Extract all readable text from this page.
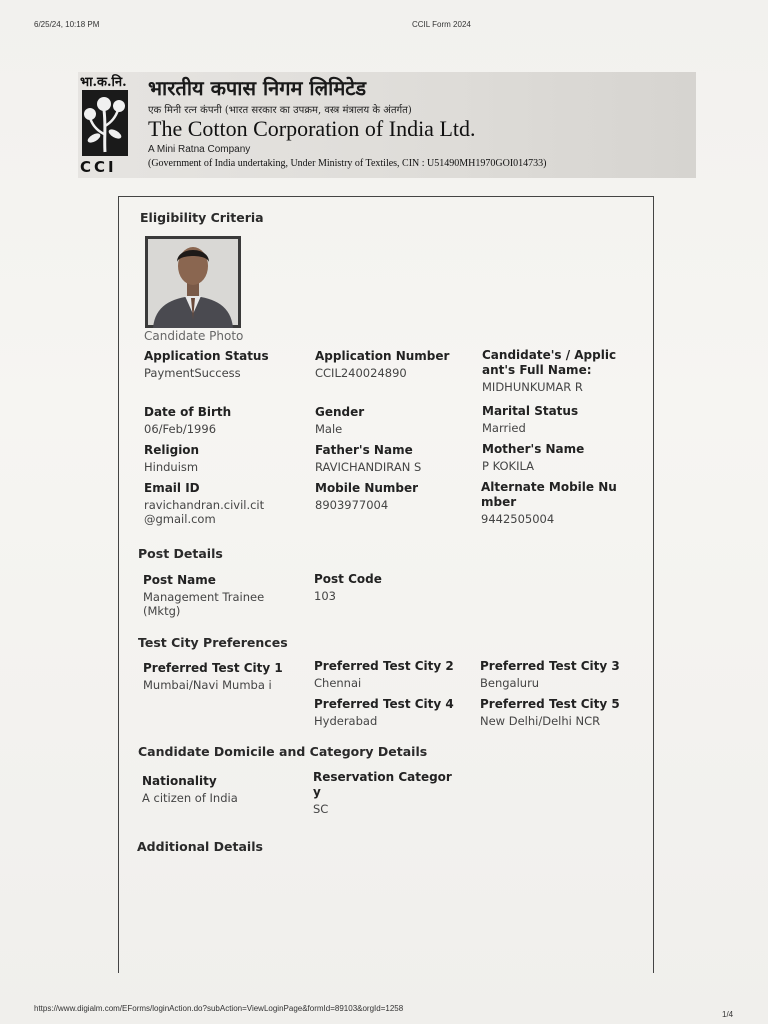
6/25/24, 10:18 PM	CCIL Form 2024
भा.क.नि.
CCI
भारतीय कपास निगम लिमिटेड
एक मिनी रत्न कंपनी (भारत सरकार का उपक्रम, वस्त्र मंत्रालय के अंतर्गत)
The Cotton Corporation of India Ltd.
A Mini Ratna Company
(Government of India undertaking, Under Ministry of Textiles, CIN : U51490MH1970GOI014733)
Eligibility Criteria
Candidate Photo
Application Status
PaymentSuccess
Application Number
CCIL240024890
Candidate's / Applic ant's Full Name:
MIDHUNKUMAR R
Date of Birth
06/Feb/1996
Gender
Male
Marital Status
Married
Religion
Hinduism
Father's Name
RAVICHANDIRAN S
Mother's Name
P KOKILA
Email ID
ravichandran.civil.cit @gmail.com
Mobile Number
8903977004
Alternate Mobile Nu mber
9442505004
Post Details
Post Name
Management Trainee (Mktg)
Post Code
103
Test City Preferences
Preferred Test City 1
Mumbai/Navi Mumba i
Preferred Test City 2
Chennai
Preferred Test City 3
Bengaluru
Preferred Test City 4
Hyderabad
Preferred Test City 5
New Delhi/Delhi NCR
Candidate Domicile and Category Details
Nationality
A citizen of India
Reservation Categor y
SC
Additional Details
https://www.digialm.com/EForms/loginAction.do?subAction=ViewLoginPage&formId=89103&orgId=1258
1/4
